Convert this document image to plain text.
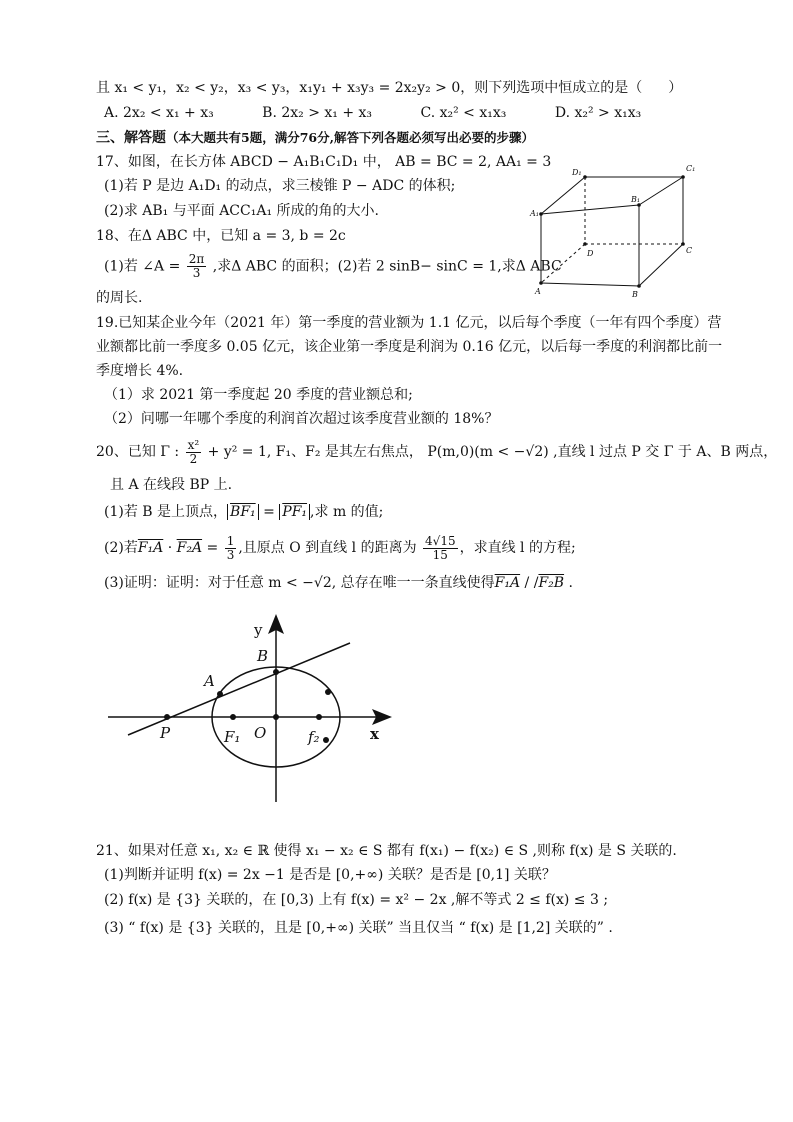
且 x₁ < y₁，x₂ < y₂，x₃ < y₃，x₁y₁ + x₃y₃ = 2x₂y₂ > 0，则下列选项中恒成立的是（ ）
A. 2x₂ < x₁ + x₃	B. 2x₂ > x₁ + x₃	C. x₂² < x₁x₃	D. x₂² > x₁x₃
三、解答题（本大题共有5题，满分76分,解答下列各题必须写出必要的步骤）
17、如图，在长方体 ABCD − A₁B₁C₁D₁ 中， AB = BC = 2, AA₁ = 3
(1)若 P 是边 A₁D₁ 的动点，求三棱锥 P − ADC 的体积;
(2)求 AB₁ 与平面 ACC₁A₁ 所成的角的大小.
D₁	C₁
A₁
B₁
D	C
A	B
18、在Δ ABC 中，已知 a = 3, b = 2c
(1)若 ∠A = $\frac{2\pi}{3}$ ,求Δ ABC 的面积；(2)若 2 sinB− sinC = 1,求Δ ABC
的周长.
19.已知某企业今年（2021 年）第一季度的营业额为 1.1 亿元，以后每个季度（一年有四个季度）营
业额都比前一季度多 0.05 亿元，该企业第一季度是利润为 0.16 亿元，以后每一季度的利润都比前一
季度增长 4%.
（1）求 2021 第一季度起 20 季度的营业额总和;
（2）问哪一年哪个季度的利润首次超过该季度营业额的 18%？
20、已知 Γ : $\frac{\text{x²}}{2} + y^2 = 1$, F₁、F₂ 是其左右焦点， P(m,0)(m < −√2) ,直线 l 过点 P 交 Γ 于 A、B 两点，
且 A 在线段 BP 上.
(1)若 B 是上顶点， BF₁ = PF₁ ,求 m 的值;
(2)若$F_1A \cdot F_2A = \frac{1}{3}$ ,且原点 O 到直线 l 的距离为 $\frac{4√15}{15}$ ，求直线 l 的方程;
(3)证明：证明：对于任意 m < −√2, 总存在唯一一条直线使得F₁A / /F₂B .
y
x
B
A
P	F₁ O	f₂
21、如果对任意 x₁, x₂ ∈ ℝ 使得 x₁ − x₂ ∈ S 都有 f(x₁) − f(x₂) ∈ S ,则称 f(x) 是 S 关联的.
(1)判断并证明 f(x) = 2x −1 是否是 [0,+∞) 关联？是否是 [0,1] 关联？
(2) f(x) 是 {3} 关联的，在 [0,3) 上有 f(x) = x² − 2x ,解不等式 2 ≤ f(x) ≤ 3 ;
(3) “ f(x) 是 {3} 关联的，且是 [0,+∞) 关联” 当且仅当 “ f(x) 是 [1,2] 关联的” .
